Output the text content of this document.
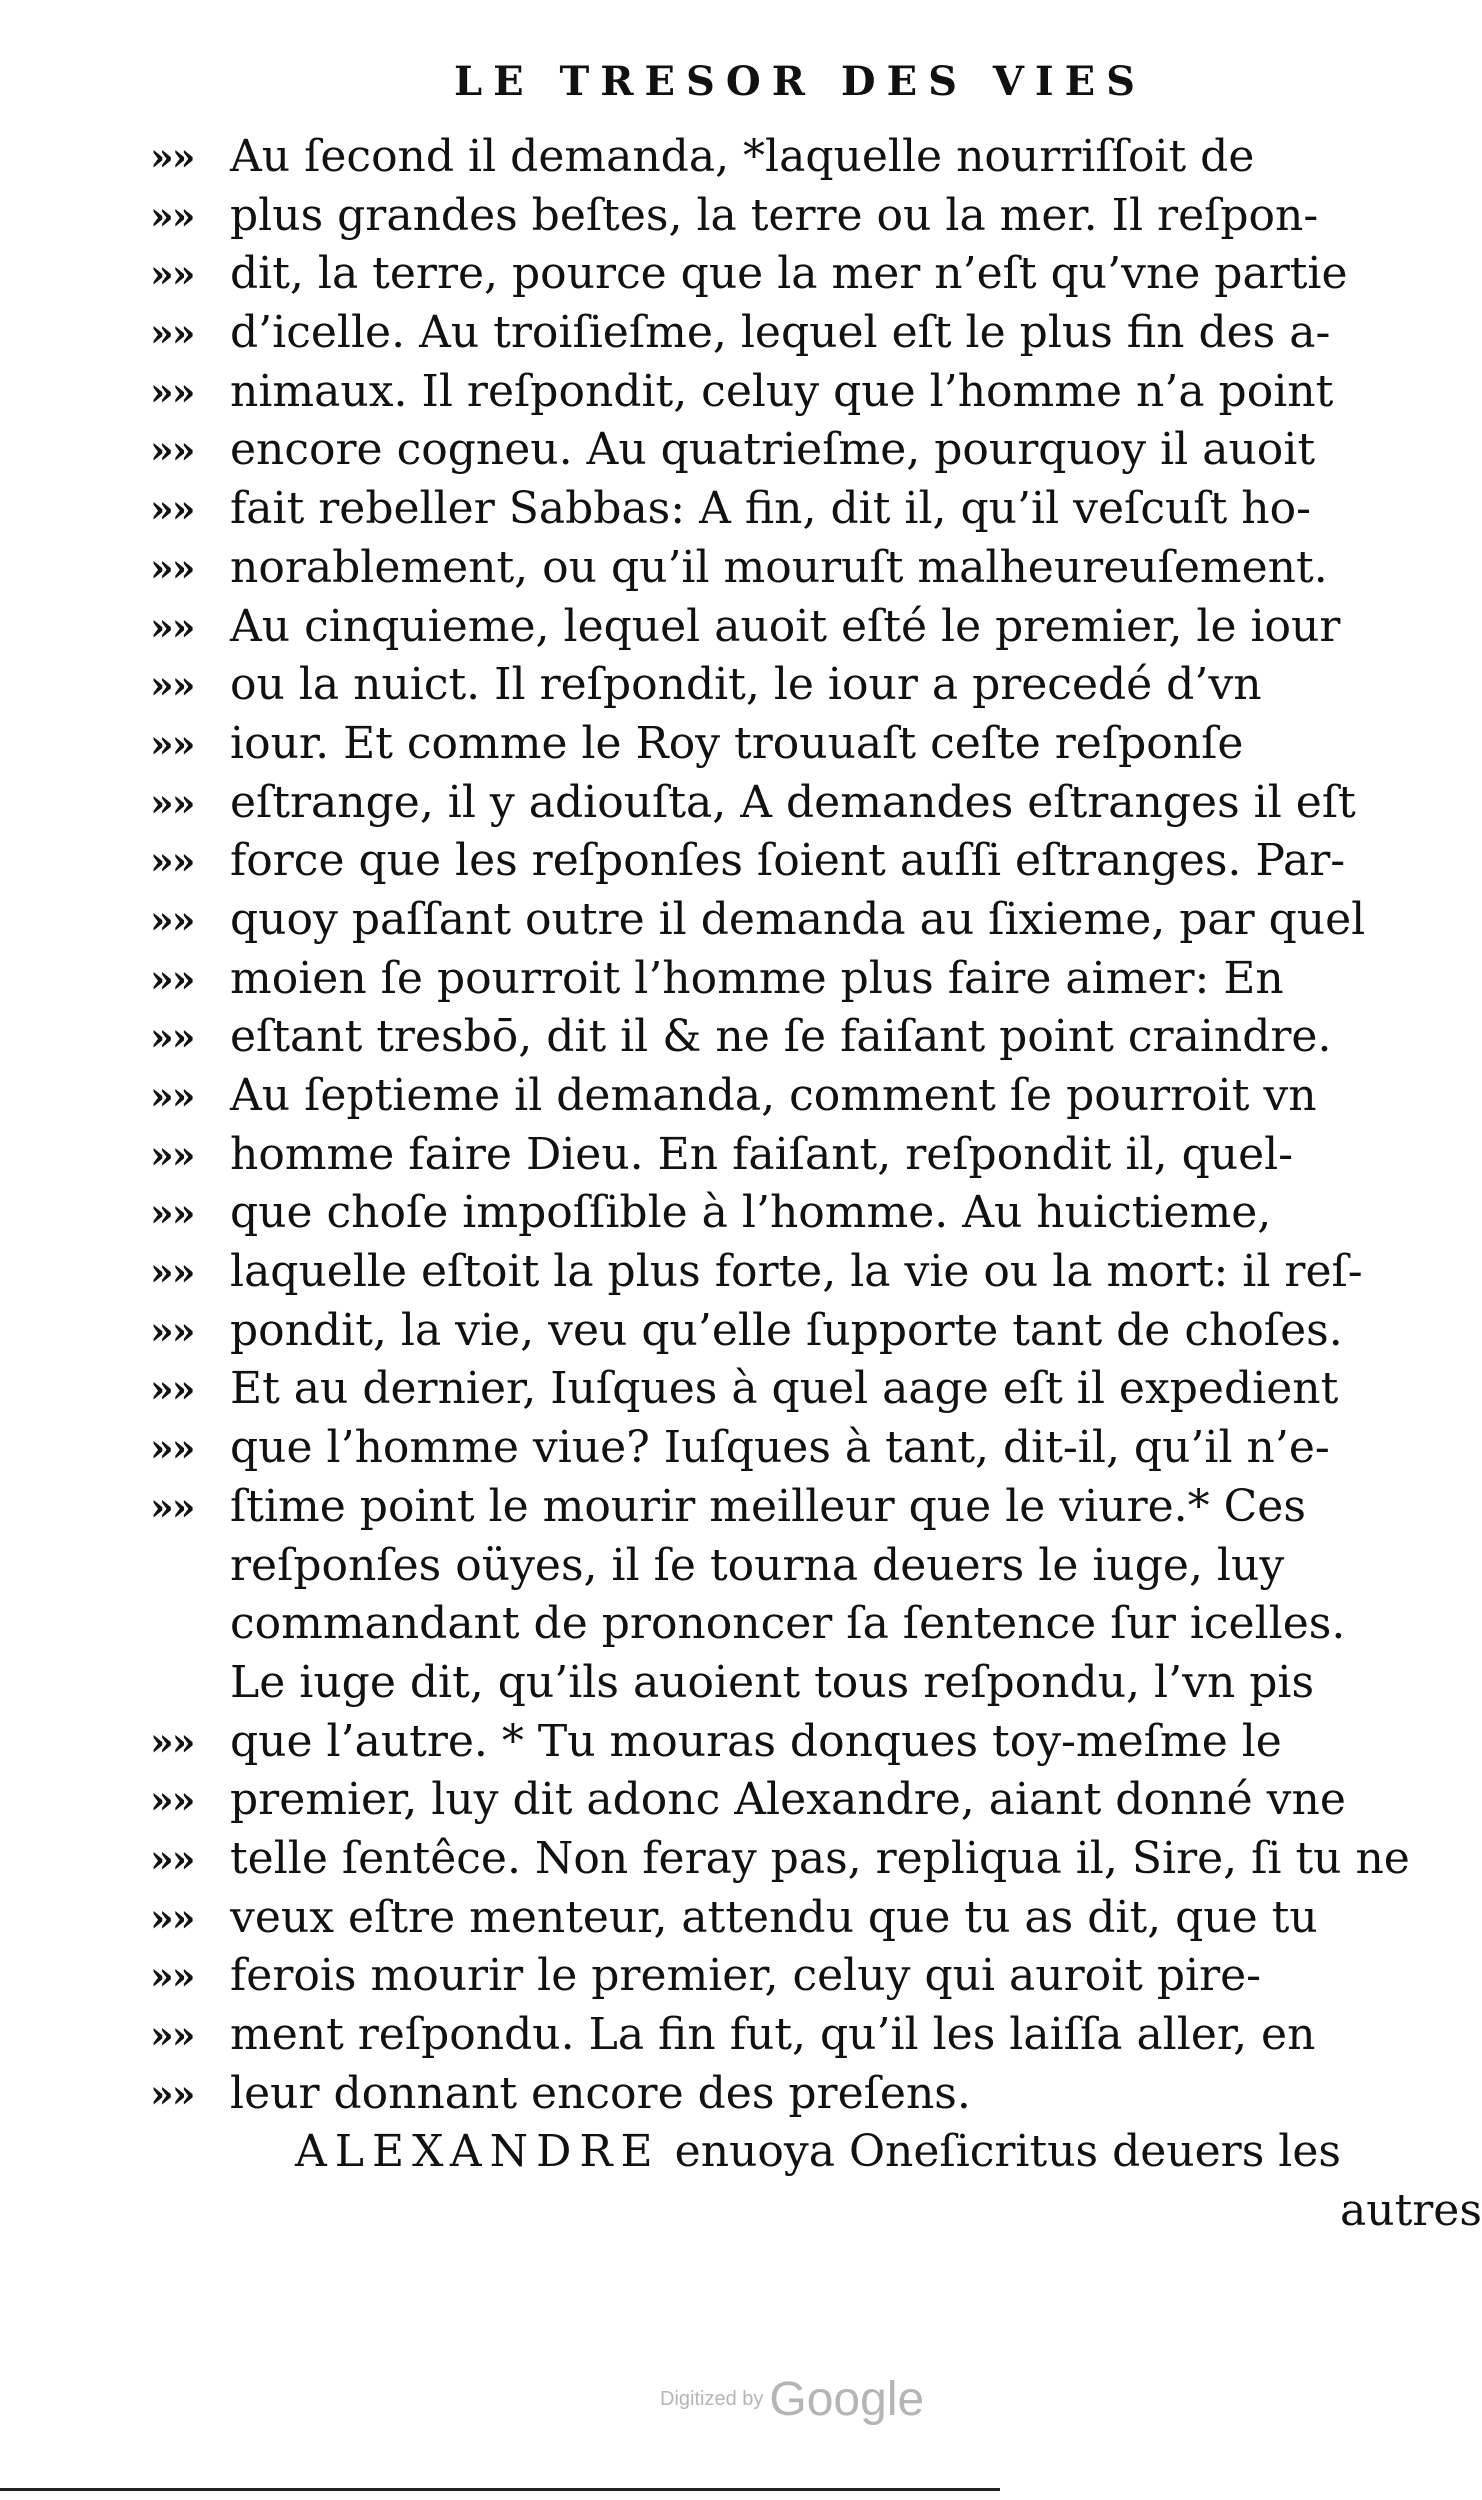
LE TRESOR DES VIES
»» Au ſecond il demanda, *laquelle nourriſſoit de
»» plus grandes beſtes, la terre ou la mer. Il reſpon-
»» dit, la terre, pource que la mer n’eſt qu’vne partie
»» d’icelle. Au troiſieſme, lequel eſt le plus fin des a-
»» nimaux. Il reſpondit, celuy que l’homme n’a point
»» encore cogneu. Au quatrieſme, pourquoy il auoit
»» fait rebeller Sabbas: A fin, dit il, qu’il veſcuſt ho-
»» norablement, ou qu’il mouruſt malheureuſement.
»» Au cinquieme, lequel auoit eſté le premier, le iour
»» ou la nuict. Il reſpondit, le iour a precedé d’vn
»» iour. Et comme le Roy trouuaſt ceſte reſponſe
»» eſtrange, il y adiouſta, A demandes eſtranges il eſt
»» force que les reſponſes ſoient auſſi eſtranges. Par-
»» quoy paſſant outre il demanda au ſixieme, par quel
»» moien ſe pourroit l’homme plus faire aimer: En
»» eſtant tresbō, dit il & ne ſe faiſant point craindre.
»» Au ſeptieme il demanda, comment ſe pourroit vn
»» homme faire Dieu. En faiſant, reſpondit il, quel-
»» que choſe impoſſible à l’homme. Au huictieme,
»» laquelle eſtoit la plus forte, la vie ou la mort: il reſ-
»» pondit, la vie, veu qu’elle ſupporte tant de choſes.
»» Et au dernier, Iuſques à quel aage eſt il expedient
»» que l’homme viue? Iuſques à tant, dit-il, qu’il n’e-
»» ſtime point le mourir meilleur que le viure.* Ces
reſponſes oüyes, il ſe tourna deuers le iuge, luy
commandant de prononcer ſa ſentence ſur icelles.
Le iuge dit, qu’ils auoient tous reſpondu, l’vn pis
»» que l’autre. * Tu mouras donques toy-meſme le
»» premier, luy dit adonc Alexandre, aiant donné vne
»» telle ſentêce. Non feray pas, repliqua il, Sire, ſi tu ne
»» veux eſtre menteur, attendu que tu as dit, que tu
»» ferois mourir le premier, celuy qui auroit pire-
»» ment reſpondu. La fin fut, qu’il les laiſſa aller, en
»» leur donnant encore des preſens.
ALEXANDRE enuoya Oneſicritus deuers les
autres
Digitized by Google
